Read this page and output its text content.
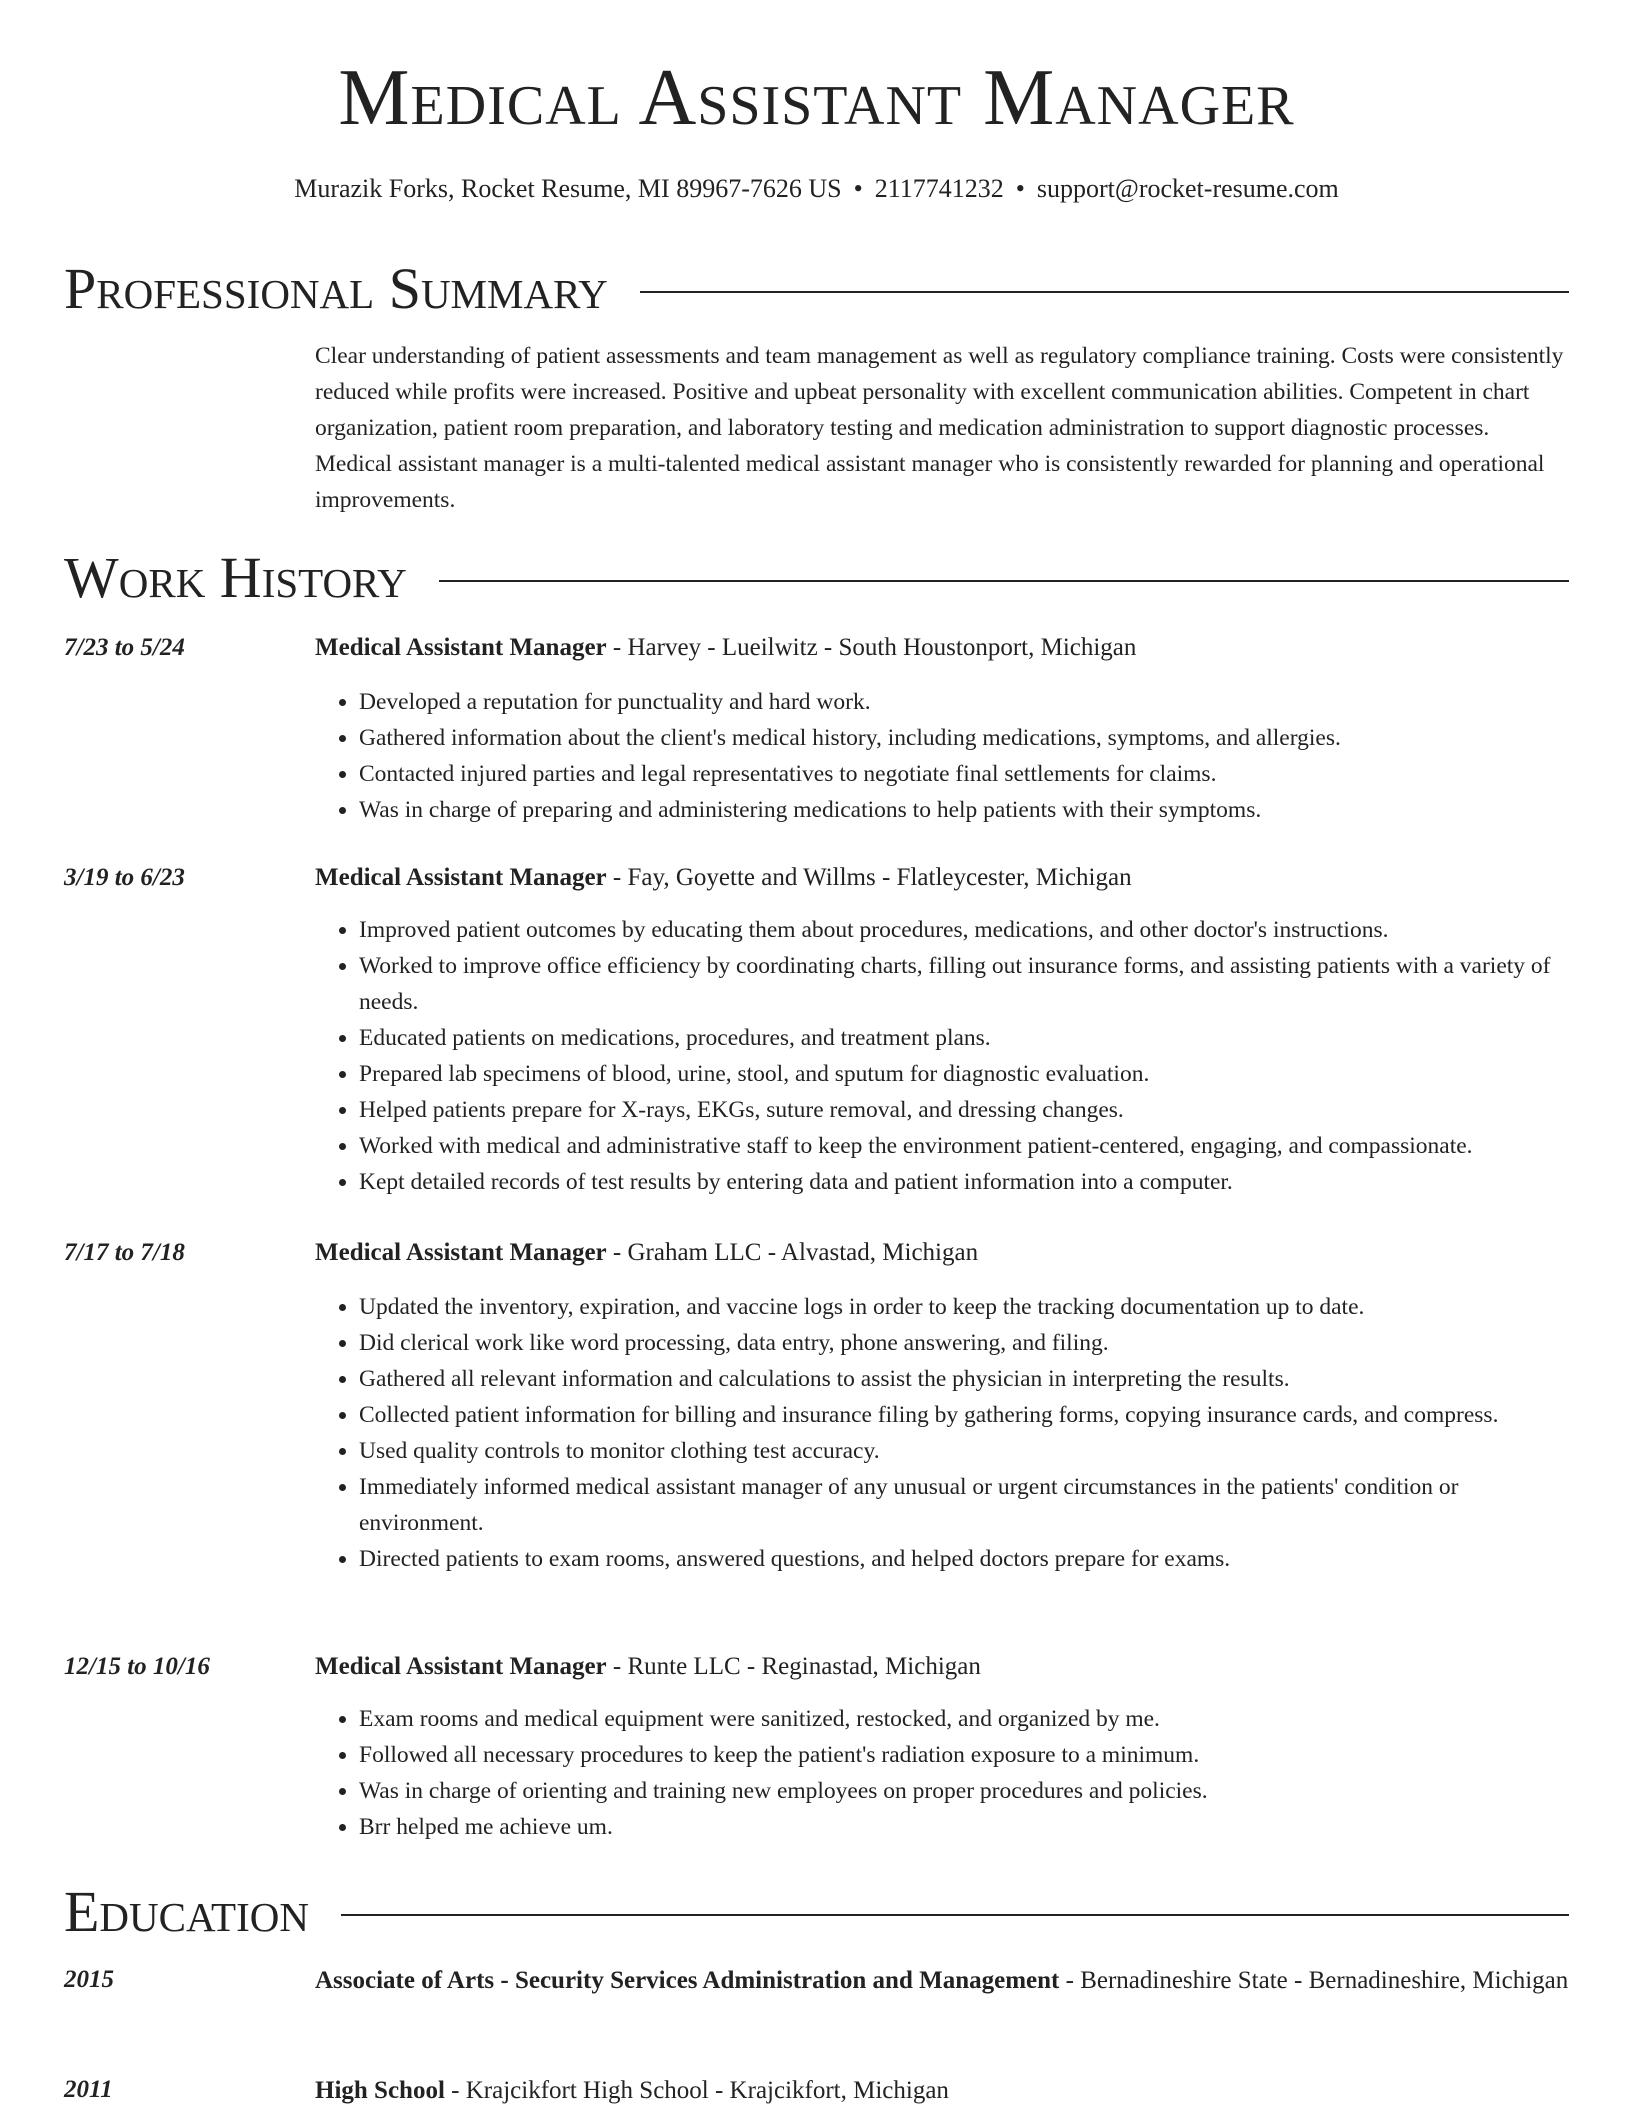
Medical Assistant Manager
Murazik Forks, Rocket Resume, MI 89967-7626 US • 2117741232 • support@rocket-resume.com
Professional Summary
Clear understanding of patient assessments and team management as well as regulatory compliance training. Costs were consistently reduced while profits were increased. Positive and upbeat personality with excellent communication abilities. Competent in chart organization, patient room preparation, and laboratory testing and medication administration to support diagnostic processes. Medical assistant manager is a multi-talented medical assistant manager who is consistently rewarded for planning and operational improvements.
Work History
7/23 to 5/24	Medical Assistant Manager - Harvey - Lueilwitz - South Houstonport, Michigan
• Developed a reputation for punctuality and hard work.
• Gathered information about the client's medical history, including medications, symptoms, and allergies.
• Contacted injured parties and legal representatives to negotiate final settlements for claims.
• Was in charge of preparing and administering medications to help patients with their symptoms.
3/19 to 6/23	Medical Assistant Manager - Fay, Goyette and Willms - Flatleycester, Michigan
• Improved patient outcomes by educating them about procedures, medications, and other doctor's instructions.
• Worked to improve office efficiency by coordinating charts, filling out insurance forms, and assisting patients with a variety of needs.
• Educated patients on medications, procedures, and treatment plans.
• Prepared lab specimens of blood, urine, stool, and sputum for diagnostic evaluation.
• Helped patients prepare for X-rays, EKGs, suture removal, and dressing changes.
• Worked with medical and administrative staff to keep the environment patient-centered, engaging, and compassionate.
• Kept detailed records of test results by entering data and patient information into a computer.
7/17 to 7/18	Medical Assistant Manager - Graham LLC - Alvastad, Michigan
• Updated the inventory, expiration, and vaccine logs in order to keep the tracking documentation up to date.
• Did clerical work like word processing, data entry, phone answering, and filing.
• Gathered all relevant information and calculations to assist the physician in interpreting the results.
• Collected patient information for billing and insurance filing by gathering forms, copying insurance cards, and compress.
• Used quality controls to monitor clothing test accuracy.
• Immediately informed medical assistant manager of any unusual or urgent circumstances in the patients' condition or environment.
• Directed patients to exam rooms, answered questions, and helped doctors prepare for exams.
12/15 to 10/16	Medical Assistant Manager - Runte LLC - Reginastad, Michigan
• Exam rooms and medical equipment were sanitized, restocked, and organized by me.
• Followed all necessary procedures to keep the patient's radiation exposure to a minimum.
• Was in charge of orienting and training new employees on proper procedures and policies.
• Brr helped me achieve um.
Education
2015	Associate of Arts - Security Services Administration and Management - Bernadineshire State - Bernadineshire, Michigan
2011	High School - Krajcikfort High School - Krajcikfort, Michigan
